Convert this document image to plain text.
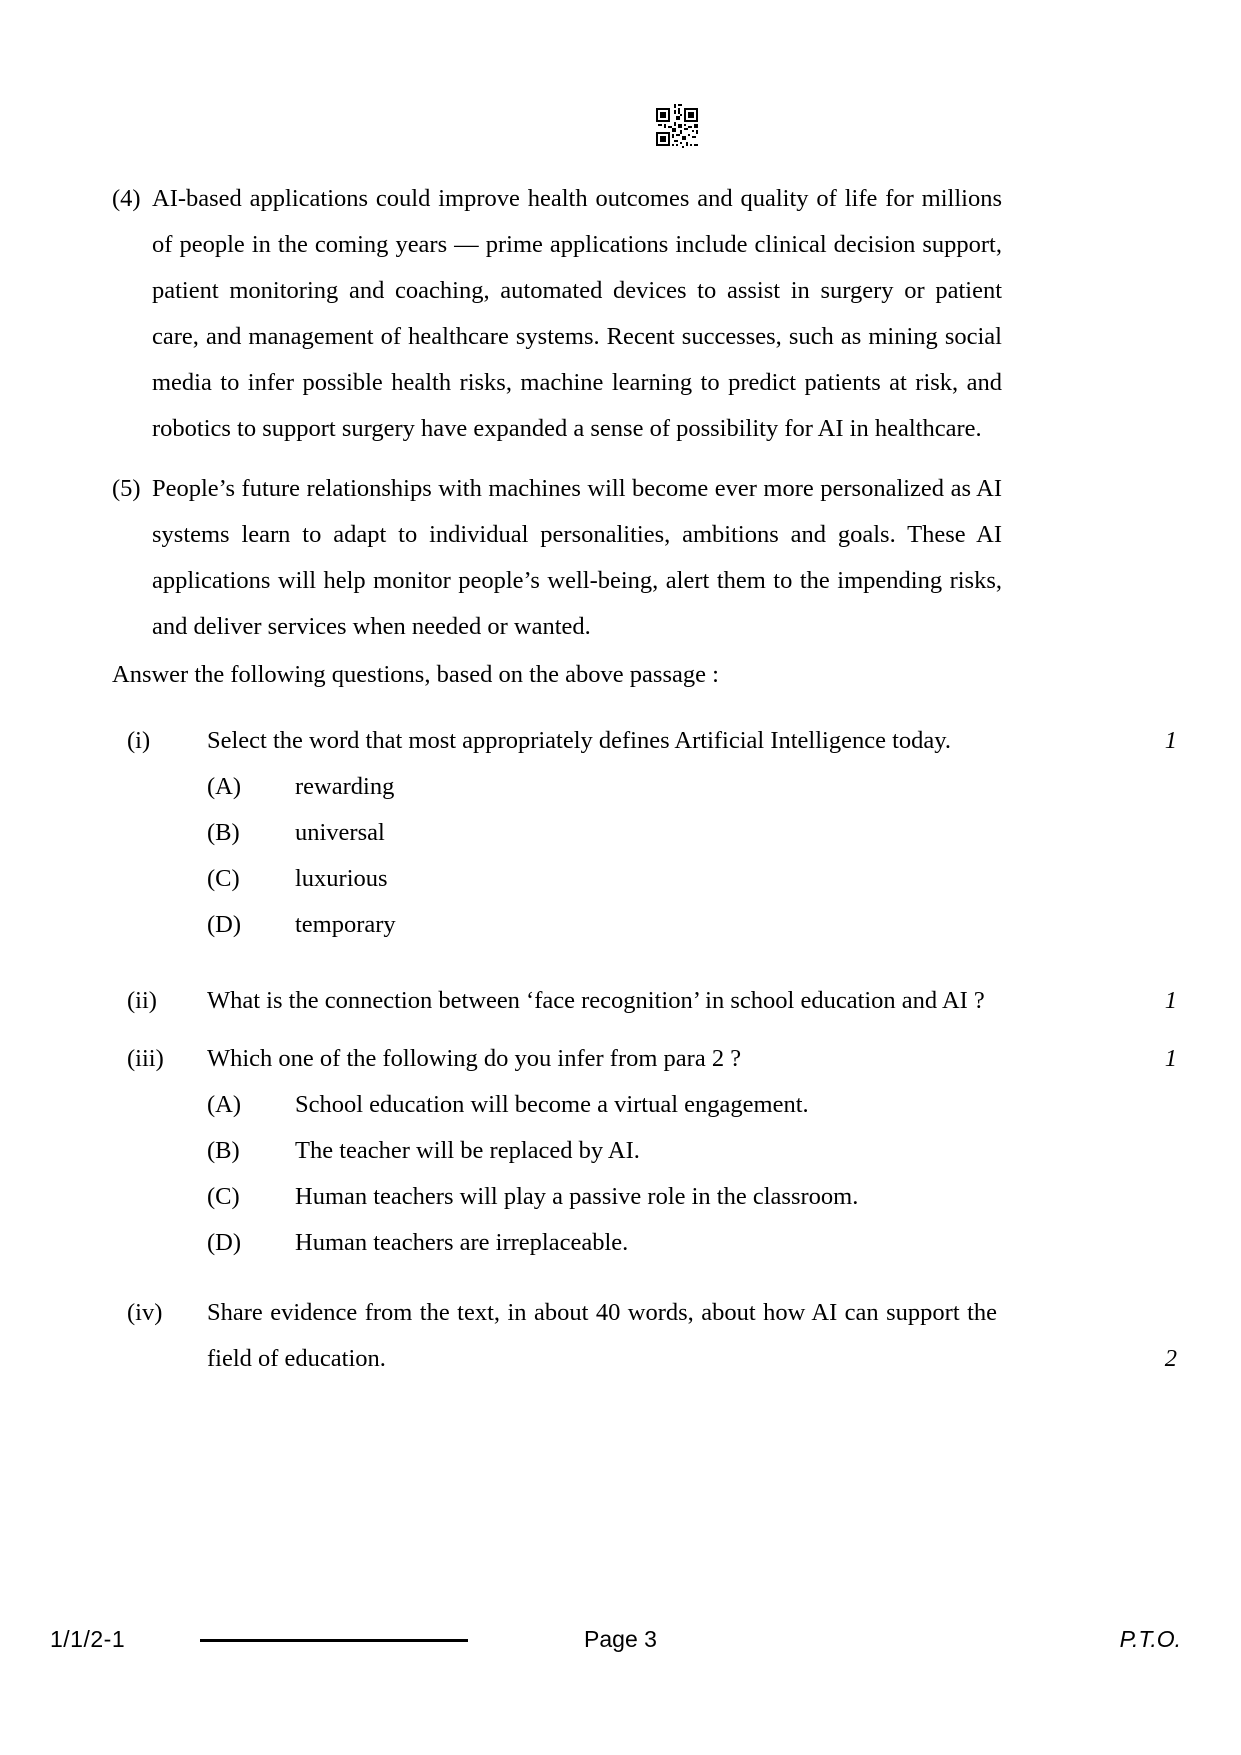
(4) AI-based applications could improve health outcomes and quality of life for millions of people in the coming years — prime applications include clinical decision support, patient monitoring and coaching, automated devices to assist in surgery or patient care, and management of healthcare systems. Recent successes, such as mining social media to infer possible health risks, machine learning to predict patients at risk, and robotics to support surgery have expanded a sense of possibility for AI in healthcare.
(5) People’s future relationships with machines will become ever more personalized as AI systems learn to adapt to individual personalities, ambitions and goals. These AI applications will help monitor people’s well-being, alert them to the impending risks, and deliver services when needed or wanted.
Answer the following questions, based on the above passage :
(i)	Select the word that most appropriately defines Artificial Intelligence today.	1
(A)	rewarding
(B)	universal
(C)	luxurious
(D)	temporary
(ii)	What is the connection between ‘face recognition’ in school education and AI ?	1
(iii)	Which one of the following do you infer from para 2 ?	1
(A)	School education will become a virtual engagement.
(B)	The teacher will be replaced by AI.
(C)	Human teachers will play a passive role in the classroom.
(D)	Human teachers are irreplaceable.
(iv)	Share evidence from the text, in about 40 words, about how AI can support the field of education.	2
1/1/2-1	Page 3	P.T.O.
